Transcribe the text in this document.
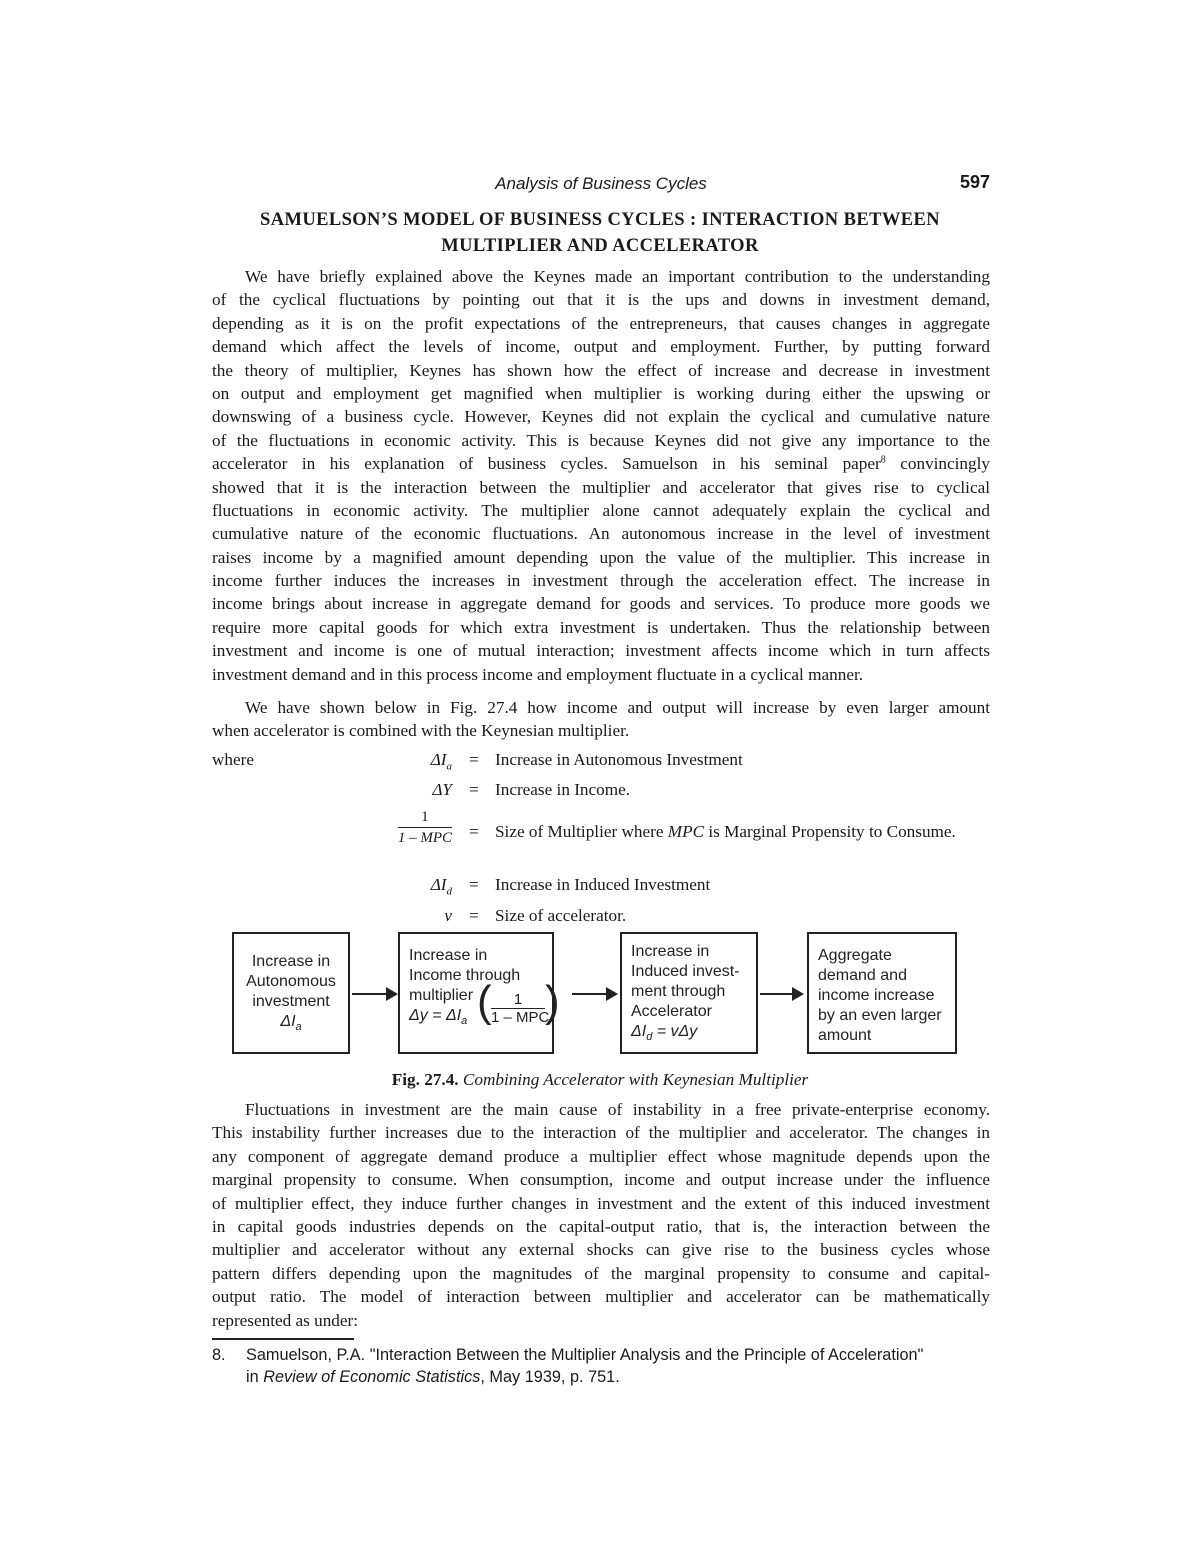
Analysis of Business Cycles	597
SAMUELSON’S MODEL OF BUSINESS CYCLES : INTERACTION BETWEEN
MULTIPLIER AND ACCELERATOR
We have briefly explained above the Keynes made an important contribution to the understanding
of the cyclical fluctuations by pointing out that it is the ups and downs in investment demand,
depending as it is on the profit expectations of the entrepreneurs, that causes changes in aggregate
demand which affect the levels of income, output and employment. Further, by putting forward
the theory of multiplier, Keynes has shown how the effect of increase and decrease in investment
on output and employment get magnified when multiplier is working during either the upswing or
downswing of a business cycle. However, Keynes did not explain the cyclical and cumulative nature
of the fluctuations in economic activity. This is because Keynes did not give any importance to the
accelerator in his explanation of business cycles. Samuelson in his seminal paper$^8$ convincingly
showed that it is the interaction between the multiplier and accelerator that gives rise to cyclical
fluctuations in economic activity. The multiplier alone cannot adequately explain the cyclical and
cumulative nature of the economic fluctuations. An autonomous increase in the level of investment
raises income by a magnified amount depending upon the value of the multiplier. This increase in
income further induces the increases in investment through the acceleration effect. The increase in
income brings about increase in aggregate demand for goods and services. To produce more goods we
require more capital goods for which extra investment is undertaken. Thus the relationship between
investment and income is one of mutual interaction; investment affects income which in turn affects
investment demand and in this process income and employment fluctuate in a cyclical manner.
We have shown below in Fig. 27.4 how income and output will increase by even larger amount
when accelerator is combined with the Keynesian multiplier.
where	$\Delta I_a$ = Increase in Autonomous Investment
ΔY = Increase in Income.
1
1 – MPC = Size of Multiplier where MPC is Marginal Propensity to Consume.
$\Delta I_d$ = Increase in Induced Investment
v = Size of accelerator.
Increase in
Autonomous
investment
$\Delta I_a$
Increase in
Income through
multiplier
$\Delta y = \Delta I_a$ (	1
1 – MPC
)
Increase in
Induced invest-
ment through
Accelerator
$\Delta I_d = v\Delta y$
Aggregate
demand and
income increase
by an even larger
amount
Fig. 27.4. Combining Accelerator with Keynesian Multiplier
Fluctuations in investment are the main cause of instability in a free private-enterprise economy.
This instability further increases due to the interaction of the multiplier and accelerator. The changes in
any component of aggregate demand produce a multiplier effect whose magnitude depends upon the
marginal propensity to consume. When consumption, income and output increase under the influence
of multiplier effect, they induce further changes in investment and the extent of this induced investment
in capital goods industries depends on the capital-output ratio, that is, the interaction between the
multiplier and accelerator without any external shocks can give rise to the business cycles whose
pattern differs depending upon the magnitudes of the marginal propensity to consume and capital-
output ratio. The model of interaction between multiplier and accelerator can be mathematically
represented as under:
8. Samuelson, P.A. "Interaction Between the Multiplier Analysis and the Principle of Acceleration"
in Review of Economic Statistics, May 1939, p. 751.
